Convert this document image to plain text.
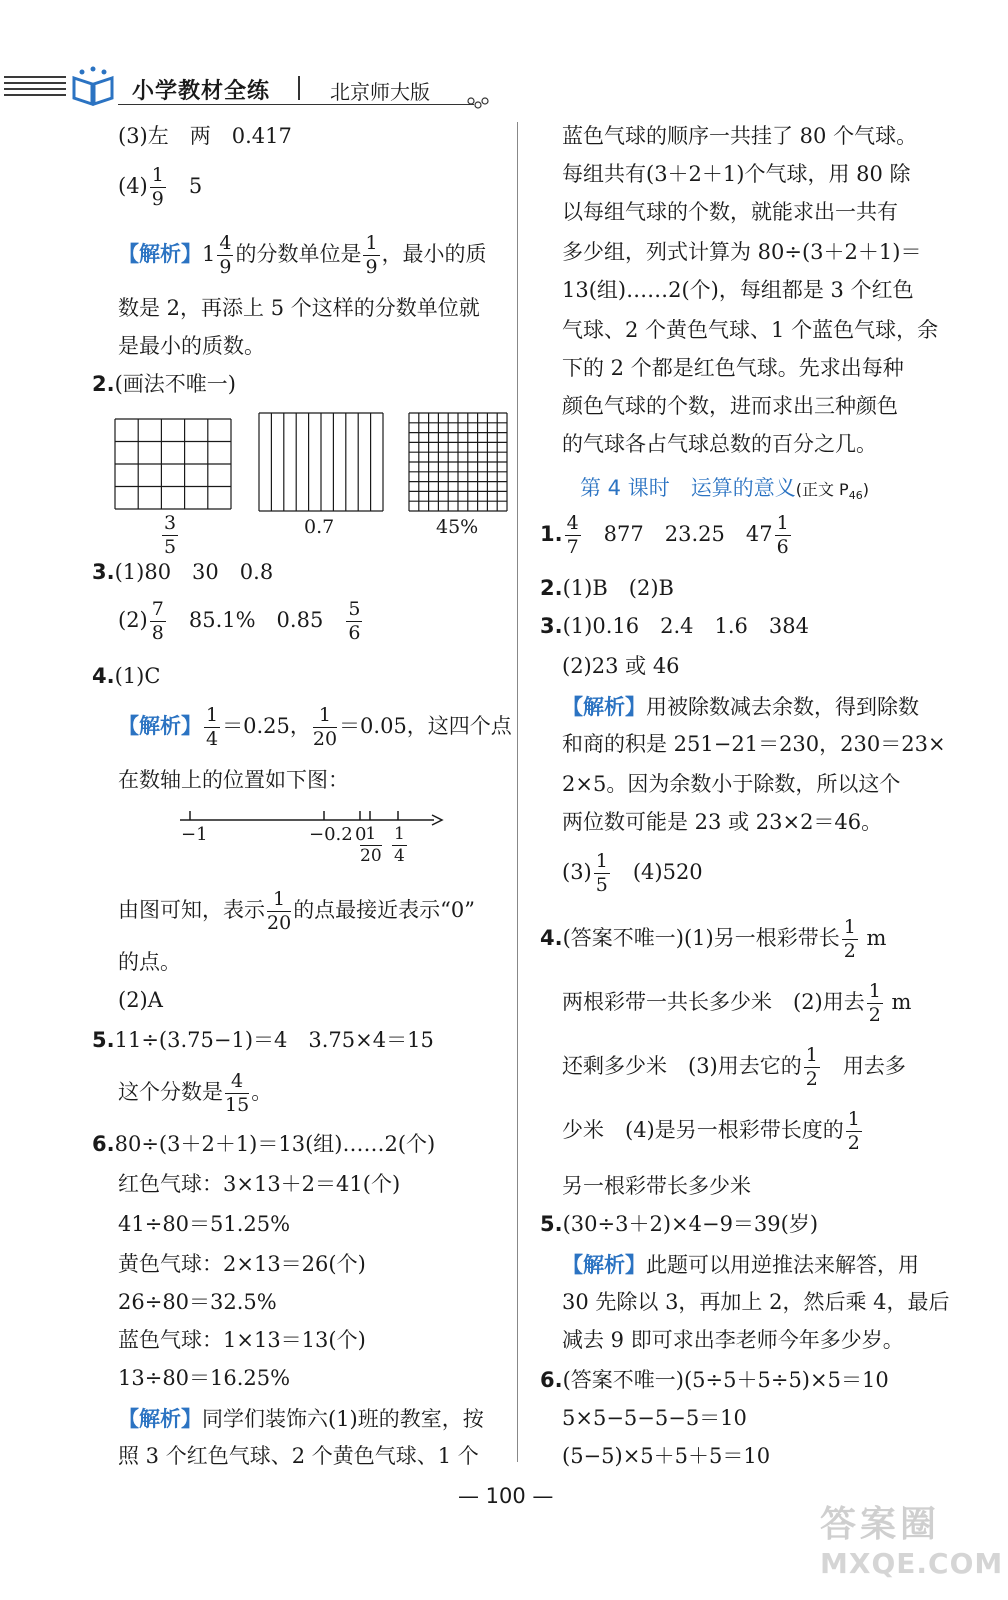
小学教材全练	北京师大版
(3)左　两　0.417
$(4) \frac{1}{9}$ 　5
【解析】$1 \frac{4}{9}$ 的分数单位是 $\frac{1}{9}$ ，最小的质
数是 2，再添上 5 个这样的分数单位就
是最小的质数。
2.(画法不唯一)
$\frac{3}{5}$	0.7	45%
3.(1)80　30　0.8
$(2) \frac{7}{8}$ 　85.1%　0.85　 $\frac{5}{6}$
4.(1)C
【解析】 $\frac{1}{4} =0.25$， $\frac{1}{20} =0.05$，这四个点
在数轴上的位置如下图：
−1	−0.2 0
$\frac{1}{20} \frac{1}{4}$
由图可知，表示 $\frac{1}{20}$ 的点最接近表示“0”
的点。
(2)A
5.11÷(3.75−1)＝4　3.75×4＝15
这个分数是 $\frac{4}{15}$ 。
6.80÷(3＋2＋1)＝13(组)……2(个)
红色气球：3×13＋2＝41(个)
41÷80＝51.25%
黄色气球：2×13＝26(个)
26÷80＝32.5%
蓝色气球：1×13＝13(个)
13÷80＝16.25%
【解析】同学们装饰六(1)班的教室，按
照 3 个红色气球、2 个黄色气球、1 个
蓝色气球的顺序一共挂了 80 个气球。
每组共有(3＋2＋1)个气球，用 80 除
以每组气球的个数，就能求出一共有
多少组，列式计算为 80÷(3＋2＋1)＝
13(组)……2(个)，每组都是 3 个红色
气球、2 个黄色气球、1 个蓝色气球，余
下的 2 个都是红色气球。先求出每种
颜色气球的个数，进而求出三种颜色
的气球各占气球总数的百分之几。
第 4 课时　运算的意义(正文 $P_{46}$)
1. $\frac{4}{7}$ 　877　23.25　$47 \frac{1}{6}$
2.(1)B　(2)B
3.(1)0.16　2.4　1.6　384
(2)23 或 46
【解析】用被除数减去余数，得到除数
和商的积是 251−21＝230，230＝23×
2×5。因为余数小于除数，所以这个
两位数可能是 23 或 23×2＝46。
$(3) \frac{1}{5}$ 　(4)520
4.(答案不唯一)(1)另一根彩带长 $\frac{1}{2}$ m
两根彩带一共长多少米　(2)用去 $\frac{1}{2}$ m
还剩多少米　(3)用去它的 $\frac{1}{2}$ 　用去多
少米　(4)是另一根彩带长度的 $\frac{1}{2}$
另一根彩带长多少米
5.(30÷3＋2)×4−9＝39(岁)
【解析】此题可以用逆推法来解答，用
30 先除以 3，再加上 2，然后乘 4，最后
减去 9 即可求出李老师今年多少岁。
6.(答案不唯一)(5÷5＋5÷5)×5＝10
5×5−5−5−5＝10
(5−5)×5＋5＋5＝10
— 100 —
答案圈
MXQE.COM
